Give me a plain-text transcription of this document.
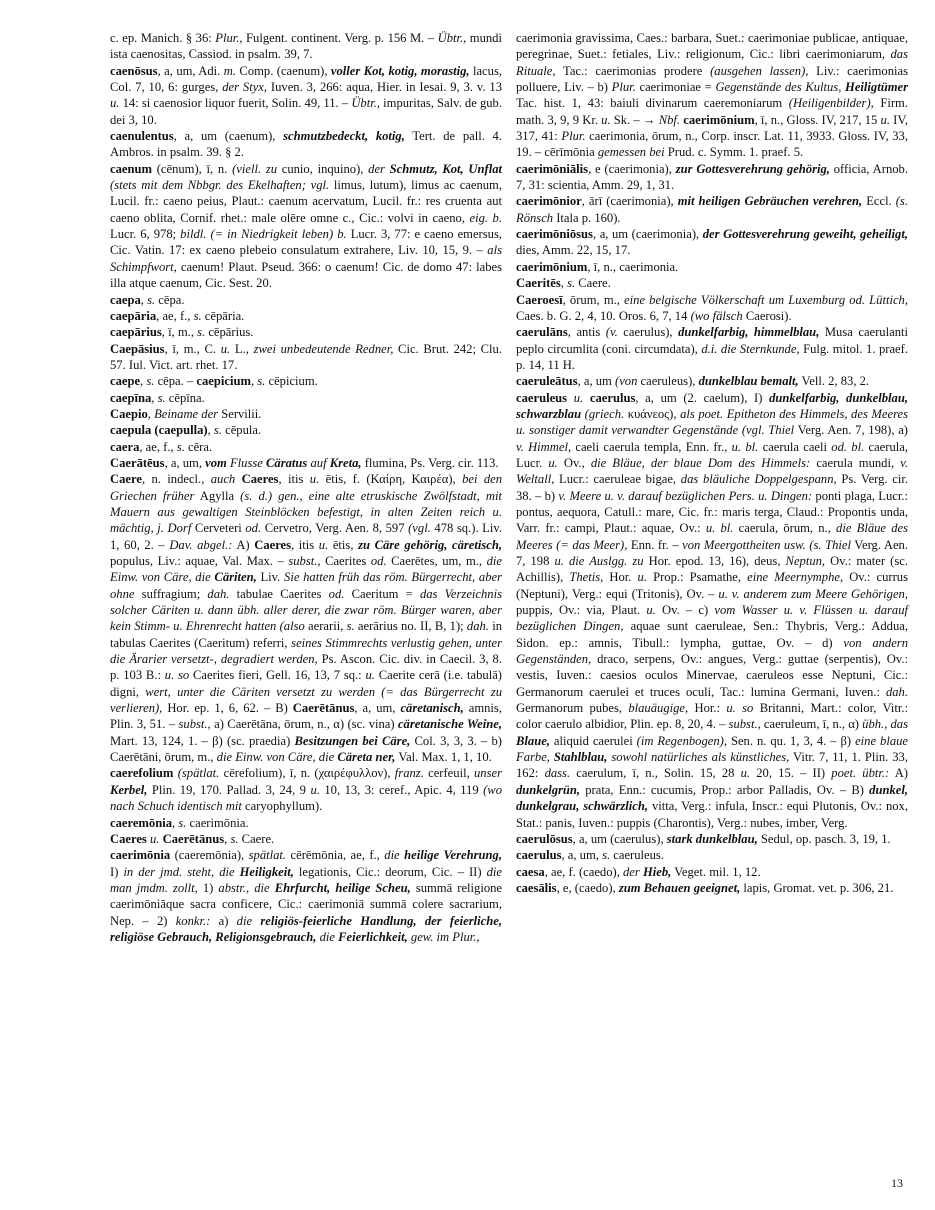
c. ep. Manich. § 36: Plur., Fulgent. continent. Verg. p. 156 M. – Übtr., mundi ista caenositas, Cassiod. in psalm. 39, 7.

caenōsus, a, um, Adi. m. Comp. (caenum), voller Kot, kotig, morastig, lacus, Col. 7, 10, 6: gurges, der Styx, Iuven. 3, 266: aqua, Hier. in Iesai. 9, 3. v. 13 u. 14: si caenosior liquor fuerit, Solin. 49, 11. – Übtr., impuritas, Salv. de gub. dei 3, 10.

caenulentus, a, um (caenum), schmutzbedeckt, kotig, Tert. de pall. 4. Ambros. in psalm. 39. § 2.

caenum (cēnum), ī, n. (viell. zu cunio, inquino), der Schmutz, Kot, Unflat (stets mit dem Nbbgr. des Ekelhaften; vgl. limus, lutum), limus ac caenum, Lucil. fr.: caeno peius, Plaut.: caenum acervatum, Lucil. fr.: res cruenta aut caeno oblita, Cornif. rhet.: male olēre omne c., Cic.: volvi in caeno, eig. b. Lucr. 6, 978; bildl. (= in Niedrigkeit leben) b. Lucr. 3, 77: e caeno emersus, Cic. Vatin. 17: ex caeno plebeio consulatum extrahere, Liv. 10, 15, 9. – als Schimpfwort, caenum! Plaut. Pseud. 366: o caenum! Cic. de domo 47: labes illa atque caenum, Cic. Sest. 20.

caepa, s. cēpa.

caepāria, ae, f., s. cēpāria.

caepārius, ī, m., s. cēpārius.

Caepāsius, ī, m., C. u. L., zwei unbedeutende Redner, Cic. Brut. 242; Clu. 57. Iul. Vict. art. rhet. 17.

caepe, s. cēpa. – caepicium, s. cēpicium.

caepīna, s. cēpīna.

Caepio, Beiname der Servilii.

caepula (caepulla), s. cēpula.

caera, ae, f., s. cēra.

Caerātēus, a, um, vom Flusse Cäratus auf Kreta, flumina, Ps. Verg. cir. 113.

Caere, n. indecl., auch Caeres, itis u. ētis, f. (Καίρη, Καιρέα), bei den Griechen früher Agylla (s. d.) gen., eine alte etruskische Zwölfstadt, mit Mauern aus gewaltigen Steinblöcken befestigt, in alten Zeiten reich u. mächtig, j. Dorf Cerveteri od. Cervetro, Verg. Aen. 8, 597 (vgl. 478 sq.). Liv. 1, 60, 2. – Dav. abgel.: A) Caeres, itis u. ētis, zu Cäre gehörig, cäretisch, populus, Liv.: aquae, Val. Max. – subst., Caerites od. Caerētes, um, m., die Einw. von Cäre, die Cäriten, Liv. Sie hatten früh das röm. Bürgerrecht, aber ohne suffragium; dah. tabulae Caerites od. Caeritum = das Verzeichnis solcher Cäriten u. dann übh. aller derer, die zwar röm. Bürger waren, aber kein Stimm- u. Ehrenrecht hatten (also aerarii, s. aerārius no. II, B, 1); dah. in tabulas Caerites (Caeritum) referri, seines Stimmrechts verlustig gehen, unter die Ärarier versetzt-, degradiert werden, Ps. Ascon. Cic. div. in Caecil. 3, 8. p. 103 B.: u. so Caerites fieri, Gell. 16, 13, 7 sq.: u. Caerite cerā (i.e. tabulā) digni, wert, unter die Cäriten versetzt zu werden (= das Bürgerrecht zu verlieren), Hor. ep. 1, 6, 62. – B) Caerētānus, a, um, cäretanisch, amnis, Plin. 3, 51. – subst., a) Caerētāna, ōrum, n., α) (sc. vina) cäretanische Weine, Mart. 13, 124, 1. – β) (sc. praedia) Besitzungen bei Cäre, Col. 3, 3, 3. – b) Caerētāni, ōrum, m., die Einw. von Cäre, die Cäreta ner, Val. Max. 1, 1, 10.

caerefolium (spätlat. cērefolium), ī, n. (χαιρέφυλλον), franz. cerfeuil, unser Kerbel, Plin. 19, 170. Pallad. 3, 24, 9 u. 10, 13, 3: ceref., Apic. 4, 119 (wo nach Schuch identisch mit caryophyllum).

caeremōnia, s. caerimōnia.

Caeres u. Caerētānus, s. Caere.

caerimōnia (caeremōnia), spätlat. cērēmōnia, ae, f., die heilige Verehrung, I) in der jmd. steht, die Heiligkeit, legationis, Cic.: deorum, Cic. – II) die man jmdm. zollt, 1) abstr., die Ehrfurcht, heilige Scheu, summā religione caerimōniāque sacra conficere, Cic.: caerimoniā summā colere sacrarium, Nep. – 2) konkr.: a) die religiös-feierliche Handlung, der feierliche, religiöse Gebrauch, Religionsgebrauch, die Feierlichkeit, gew. im Plur.,

caerimonia gravissima, Caes.: barbara, Suet.: caerimoniae publicae, antiquae, peregrinae, Suet.: fetiales, Liv.: religionum, Cic.: libri caerimoniarum, das Rituale, Tac.: caerimonias prodere (ausgehen lassen), Liv.: caerimonias polluere, Liv. – b) Plur. caerimoniae = Gegenstände des Kultus, Heiligtümer Tac. hist. 1, 43: baiuli divinarum caeremoniarum (Heiligenbilder), Firm. math. 3, 9, 9 Kr. u. Sk. – → Nbf. caerimōnium, ī, n., Gloss. IV, 217, 15 u. IV, 317, 41: Plur. caerimonia, ōrum, n., Corp. inscr. Lat. 11, 3933. Gloss. IV, 33, 19. – cērīmōnia gemessen bei Prud. c. Symm. 1. praef. 5.

caerimōniālis, e (caerimonia), zur Gottesverehrung gehörig, officia, Arnob. 7, 31: scientia, Amm. 29, 1, 31.

caerimōnior, ārī (caerimonia), mit heiligen Gebräuchen verehren, Eccl. (s. Rönsch Itala p. 160).

caerimōniōsus, a, um (caerimonia), der Gottesverehrung geweiht, geheiligt, dies, Amm. 22, 15, 17.

caerimōnium, ī, n., caerimonia.

Caeritēs, s. Caere.

Caeroesī, ōrum, m., eine belgische Völkerschaft um Luxemburg od. Lüttich, Caes. b. G. 2, 4, 10. Oros. 6, 7, 14 (wo fälsch Caerosi).

caerulāns, antis (v. caerulus), dunkelfarbig, himmelblau, Musa caerulanti peplo circumlita (coni. circumdata), d.i. die Sternkunde, Fulg. mitol. 1. praef. p. 14, 11 H.

caeruleātus, a, um (von caeruleus), dunkelblau bemalt, Vell. 2, 83, 2.

caeruleus u. caerulus, a, um (2. caelum), I) dunkelfarbig, dunkelblau, schwarzblau (griech. κυάνεος), als poet. Epitheton des Himmels, des Meeres u. sonstiger damit verwandter Gegenstände (vgl. Thiel Verg. Aen. 7, 198), a) v. Himmel, caeli caerula templa, Enn. fr., u. bl. caerula caeli od. bl. caerula, Lucr. u. Ov., die Bläue, der blaue Dom des Himmels: caerula mundi, v. Weltall, Lucr.: caeruleae bigae, das bläuliche Doppelgespann, Ps. Verg. cir. 38. – b) v. Meere u. v. darauf bezüglichen Pers. u. Dingen: ponti plaga, Lucr.: pontus, aequora, Catull.: mare, Cic. fr.: maris terga, Claud.: Propontis unda, Varr. fr.: campi, Plaut.: aquae, Ov.: u. bl. caerula, ōrum, n., die Bläue des Meeres (= das Meer), Enn. fr. – von Meergottheiten usw. (s. Thiel Verg. Aen. 7, 198 u. die Auslgg. zu Hor. epod. 13, 16), deus, Neptun, Ov.: mater (sc. Achillis), Thetis, Hor. u. Prop.: Psamathe, eine Meernymphe, Ov.: currus (Neptuni), Verg.: equi (Tritonis), Ov. – u. v. anderem zum Meere Gehörigen, puppis, Ov.: via, Plaut. u. Ov. – c) vom Wasser u. v. Flüssen u. darauf bezüglichen Dingen, aquae sunt caeruleae, Sen.: Thybris, Verg.: Addua, Sidon. ep.: amnis, Tibull.: lympha, guttae, Ov. – d) von andern Gegenständen, draco, serpens, Ov.: angues, Verg.: guttae (serpentis), Ov.: vestis, Iuven.: caesios oculos Minervae, caeruleos esse Neptuni, Cic.: Germanorum caerulei et truces oculi, Tac.: lumina Germani, Iuven.: dah. Germanorum pubes, blauäugige, Hor.: u. so Britanni, Mart.: color, Vitr.: color caerulo albidior, Plin. ep. 8, 20, 4. – subst., caeruleum, ī, n., α) übh., das Blaue, aliquid caerulei (im Regenbogen), Sen. n. qu. 1, 3, 4. – β) eine blaue Farbe, Stahlblau, sowohl natürliches als künstliches, Vitr. 7, 11, 1. Plin. 33, 162: dass. caerulum, ī, n., Solin. 15, 28 u. 20, 15. – II) poet. übtr.: A) dunkelgrün, prata, Enn.: cucumis, Prop.: arbor Palladis, Ov. – B) dunkel, dunkelgrau, schwärzlich, vitta, Verg.: infula, Inscr.: equi Plutonis, Ov.: nox, Stat.: panis, Iuven.: puppis (Charontis), Verg.: nubes, imber, Verg.

caerulōsus, a, um (caerulus), stark dunkelblau, Sedul, op. pasch. 3, 19, 1.

caerulus, a, um, s. caeruleus.

caesa, ae, f. (caedo), der Hieb, Veget. mil. 1, 12.

caesālis, e, (caedo), zum Behauen geeignet, lapis, Gromat. vet. p. 306, 21.

13
